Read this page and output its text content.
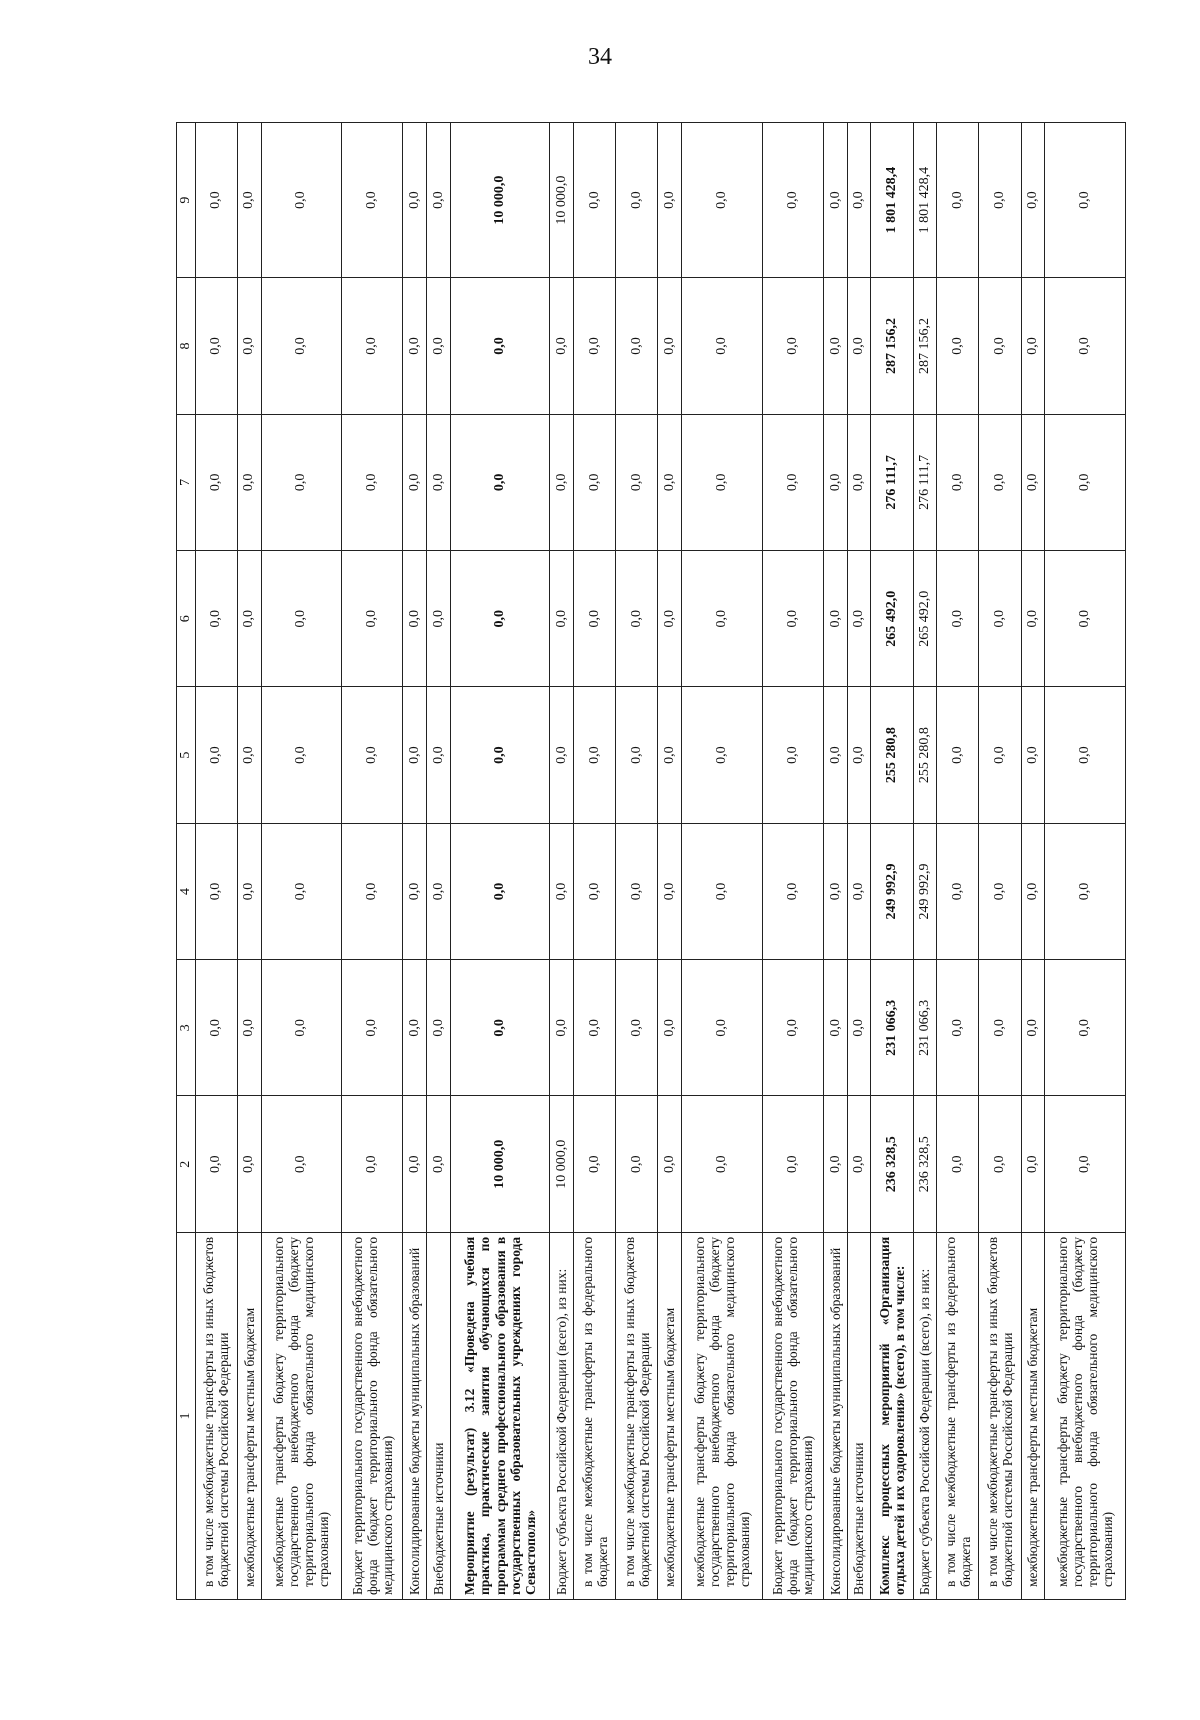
34
1	2	3	4	5	6	7	8	9
в том числе межбюджетные трансферты из иных бюджетов бюджетной системы Российской Федерации	0,0	0,0	0,0	0,0	0,0	0,0	0,0	0,0
межбюджетные трансферты местным бюджетам	0,0	0,0	0,0	0,0	0,0	0,0	0,0	0,0
межбюджетные трансферты бюджету территориального государственного внебюджетного фонда (бюджету территориального фонда обязательного медицинского страхования)	0,0	0,0	0,0	0,0	0,0	0,0	0,0	0,0
Бюджет территориального государственного внебюджетного фонда (бюджет территориального фонда обязательного медицинского страхования)	0,0	0,0	0,0	0,0	0,0	0,0	0,0	0,0
Консолидированные бюджеты муниципальных образований	0,0	0,0	0,0	0,0	0,0	0,0	0,0	0,0
Внебюджетные источники	0,0	0,0	0,0	0,0	0,0	0,0	0,0	0,0
Мероприятие (результат) 3.12 «Проведена учебная практика, практические занятия обучающихся по программам среднего профессионального образования в государственных образовательных учреждениях города Севастополя»	10 000,0	0,0	0,0	0,0	0,0	0,0	0,0	10 000,0
Бюджет субъекта Российской Федерации (всего), из них:	10 000,0	0,0	0,0	0,0	0,0	0,0	0,0	10 000,0
в том числе межбюджетные трансферты из федерального бюджета	0,0	0,0	0,0	0,0	0,0	0,0	0,0	0,0
в том числе межбюджетные трансферты из иных бюджетов бюджетной системы Российской Федерации	0,0	0,0	0,0	0,0	0,0	0,0	0,0	0,0
межбюджетные трансферты местным бюджетам	0,0	0,0	0,0	0,0	0,0	0,0	0,0	0,0
межбюджетные трансферты бюджету территориального государственного внебюджетного фонда (бюджету территориального фонда обязательного медицинского страхования)	0,0	0,0	0,0	0,0	0,0	0,0	0,0	0,0
Бюджет территориального государственного внебюджетного фонда (бюджет территориального фонда обязательного медицинского страхования)	0,0	0,0	0,0	0,0	0,0	0,0	0,0	0,0
Консолидированные бюджеты муниципальных образований	0,0	0,0	0,0	0,0	0,0	0,0	0,0	0,0
Внебюджетные источники	0,0	0,0	0,0	0,0	0,0	0,0	0,0	0,0
Комплекс процессных мероприятий «Организация отдыха детей и их оздоровления» (всего), в том числе:	236 328,5	231 066,3	249 992,9	255 280,8	265 492,0	276 111,7	287 156,2	1 801 428,4
Бюджет субъекта Российской Федерации (всего), из них:	236 328,5	231 066,3	249 992,9	255 280,8	265 492,0	276 111,7	287 156,2	1 801 428,4
в том числе межбюджетные трансферты из федерального бюджета	0,0	0,0	0,0	0,0	0,0	0,0	0,0	0,0
в том числе межбюджетные трансферты из иных бюджетов бюджетной системы Российской Федерации	0,0	0,0	0,0	0,0	0,0	0,0	0,0	0,0
межбюджетные трансферты местным бюджетам	0,0	0,0	0,0	0,0	0,0	0,0	0,0	0,0
межбюджетные трансферты бюджету территориального государственного внебюджетного фонда (бюджету территориального фонда обязательного медицинского страхования)	0,0	0,0	0,0	0,0	0,0	0,0	0,0	0,0
